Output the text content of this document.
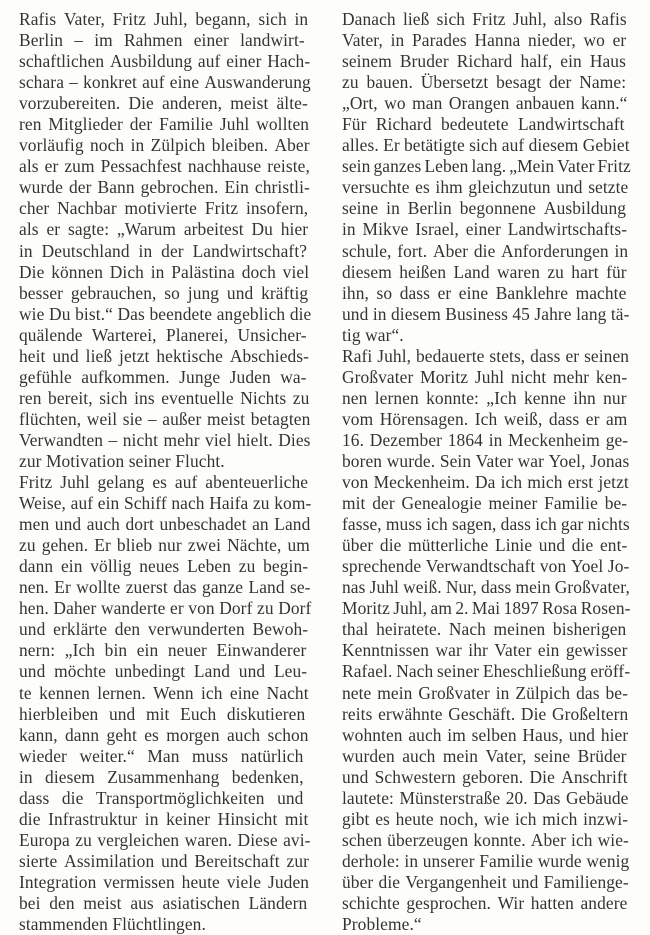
Rafis Vater, Fritz Juhl, begann, sich in
Berlin – im Rahmen einer landwirt-
schaftlichen Ausbildung auf einer Hach-
schara – konkret auf eine Auswanderung
vorzubereiten. Die anderen, meist älte-
ren Mitglieder der Familie Juhl wollten
vorläufig noch in Zülpich bleiben. Aber
als er zum Pessachfest nachhause reiste,
wurde der Bann gebrochen. Ein christli-
cher Nachbar motivierte Fritz insofern,
als er sagte: „Warum arbeitest Du hier
in Deutschland in der Landwirtschaft?
Die können Dich in Palästina doch viel
besser gebrauchen, so jung und kräftig
wie Du bist.“ Das beendete angeblich die
quälende Warterei, Planerei, Unsicher-
heit und ließ jetzt hektische Abschieds-
gefühle aufkommen. Junge Juden wa-
ren bereit, sich ins eventuelle Nichts zu
flüchten, weil sie – außer meist betagten
Verwandten – nicht mehr viel hielt. Dies
zur Motivation seiner Flucht.
Fritz Juhl gelang es auf abenteuerliche
Weise, auf ein Schiff nach Haifa zu kom-
men und auch dort unbeschadet an Land
zu gehen. Er blieb nur zwei Nächte, um
dann ein völlig neues Leben zu begin-
nen. Er wollte zuerst das ganze Land se-
hen. Daher wanderte er von Dorf zu Dorf
und erklärte den verwunderten Bewoh-
nern: „Ich bin ein neuer Einwanderer
und möchte unbedingt Land und Leu-
te kennen lernen. Wenn ich eine Nacht
hierbleiben und mit Euch diskutieren
kann, dann geht es morgen auch schon
wieder weiter.“ Man muss natürlich
in diesem Zusammenhang bedenken,
dass die Transportmöglichkeiten und
die Infrastruktur in keiner Hinsicht mit
Europa zu vergleichen waren. Diese avi-
sierte Assimilation und Bereitschaft zur
Integration vermissen heute viele Juden
bei den meist aus asiatischen Ländern
stammenden Flüchtlingen.
Danach ließ sich Fritz Juhl, also Rafis
Vater, in Parades Hanna nieder, wo er
seinem Bruder Richard half, ein Haus
zu bauen. Übersetzt besagt der Name:
„Ort, wo man Orangen anbauen kann.“
Für Richard bedeutete Landwirtschaft
alles. Er betätigte sich auf diesem Gebiet
sein ganzes Leben lang. „Mein Vater Fritz
versuchte es ihm gleichzutun und setzte
seine in Berlin begonnene Ausbildung
in Mikve Israel, einer Landwirtschafts-
schule, fort. Aber die Anforderungen in
diesem heißen Land waren zu hart für
ihn, so dass er eine Banklehre machte
und in diesem Business 45 Jahre lang tä-
tig war“.
Rafi Juhl, bedauerte stets, dass er seinen
Großvater Moritz Juhl nicht mehr ken-
nen lernen konnte: „Ich kenne ihn nur
vom Hörensagen. Ich weiß, dass er am
16. Dezember 1864 in Meckenheim ge-
boren wurde. Sein Vater war Yoel, Jonas
von Meckenheim. Da ich mich erst jetzt
mit der Genealogie meiner Familie be-
fasse, muss ich sagen, dass ich gar nichts
über die mütterliche Linie und die ent-
sprechende Verwandtschaft von Yoel Jo-
nas Juhl weiß. Nur, dass mein Großvater,
Moritz Juhl, am 2. Mai 1897 Rosa Rosen-
thal heiratete. Nach meinen bisherigen
Kenntnissen war ihr Vater ein gewisser
Rafael. Nach seiner Eheschließung eröff-
nete mein Großvater in Zülpich das be-
reits erwähnte Geschäft. Die Großeltern
wohnten auch im selben Haus, und hier
wurden auch mein Vater, seine Brüder
und Schwestern geboren. Die Anschrift
lautete: Münsterstraße 20. Das Gebäude
gibt es heute noch, wie ich mich inzwi-
schen überzeugen konnte. Aber ich wie-
derhole: in unserer Familie wurde wenig
über die Vergangenheit und Familienge-
schichte gesprochen. Wir hatten andere
Probleme.“
